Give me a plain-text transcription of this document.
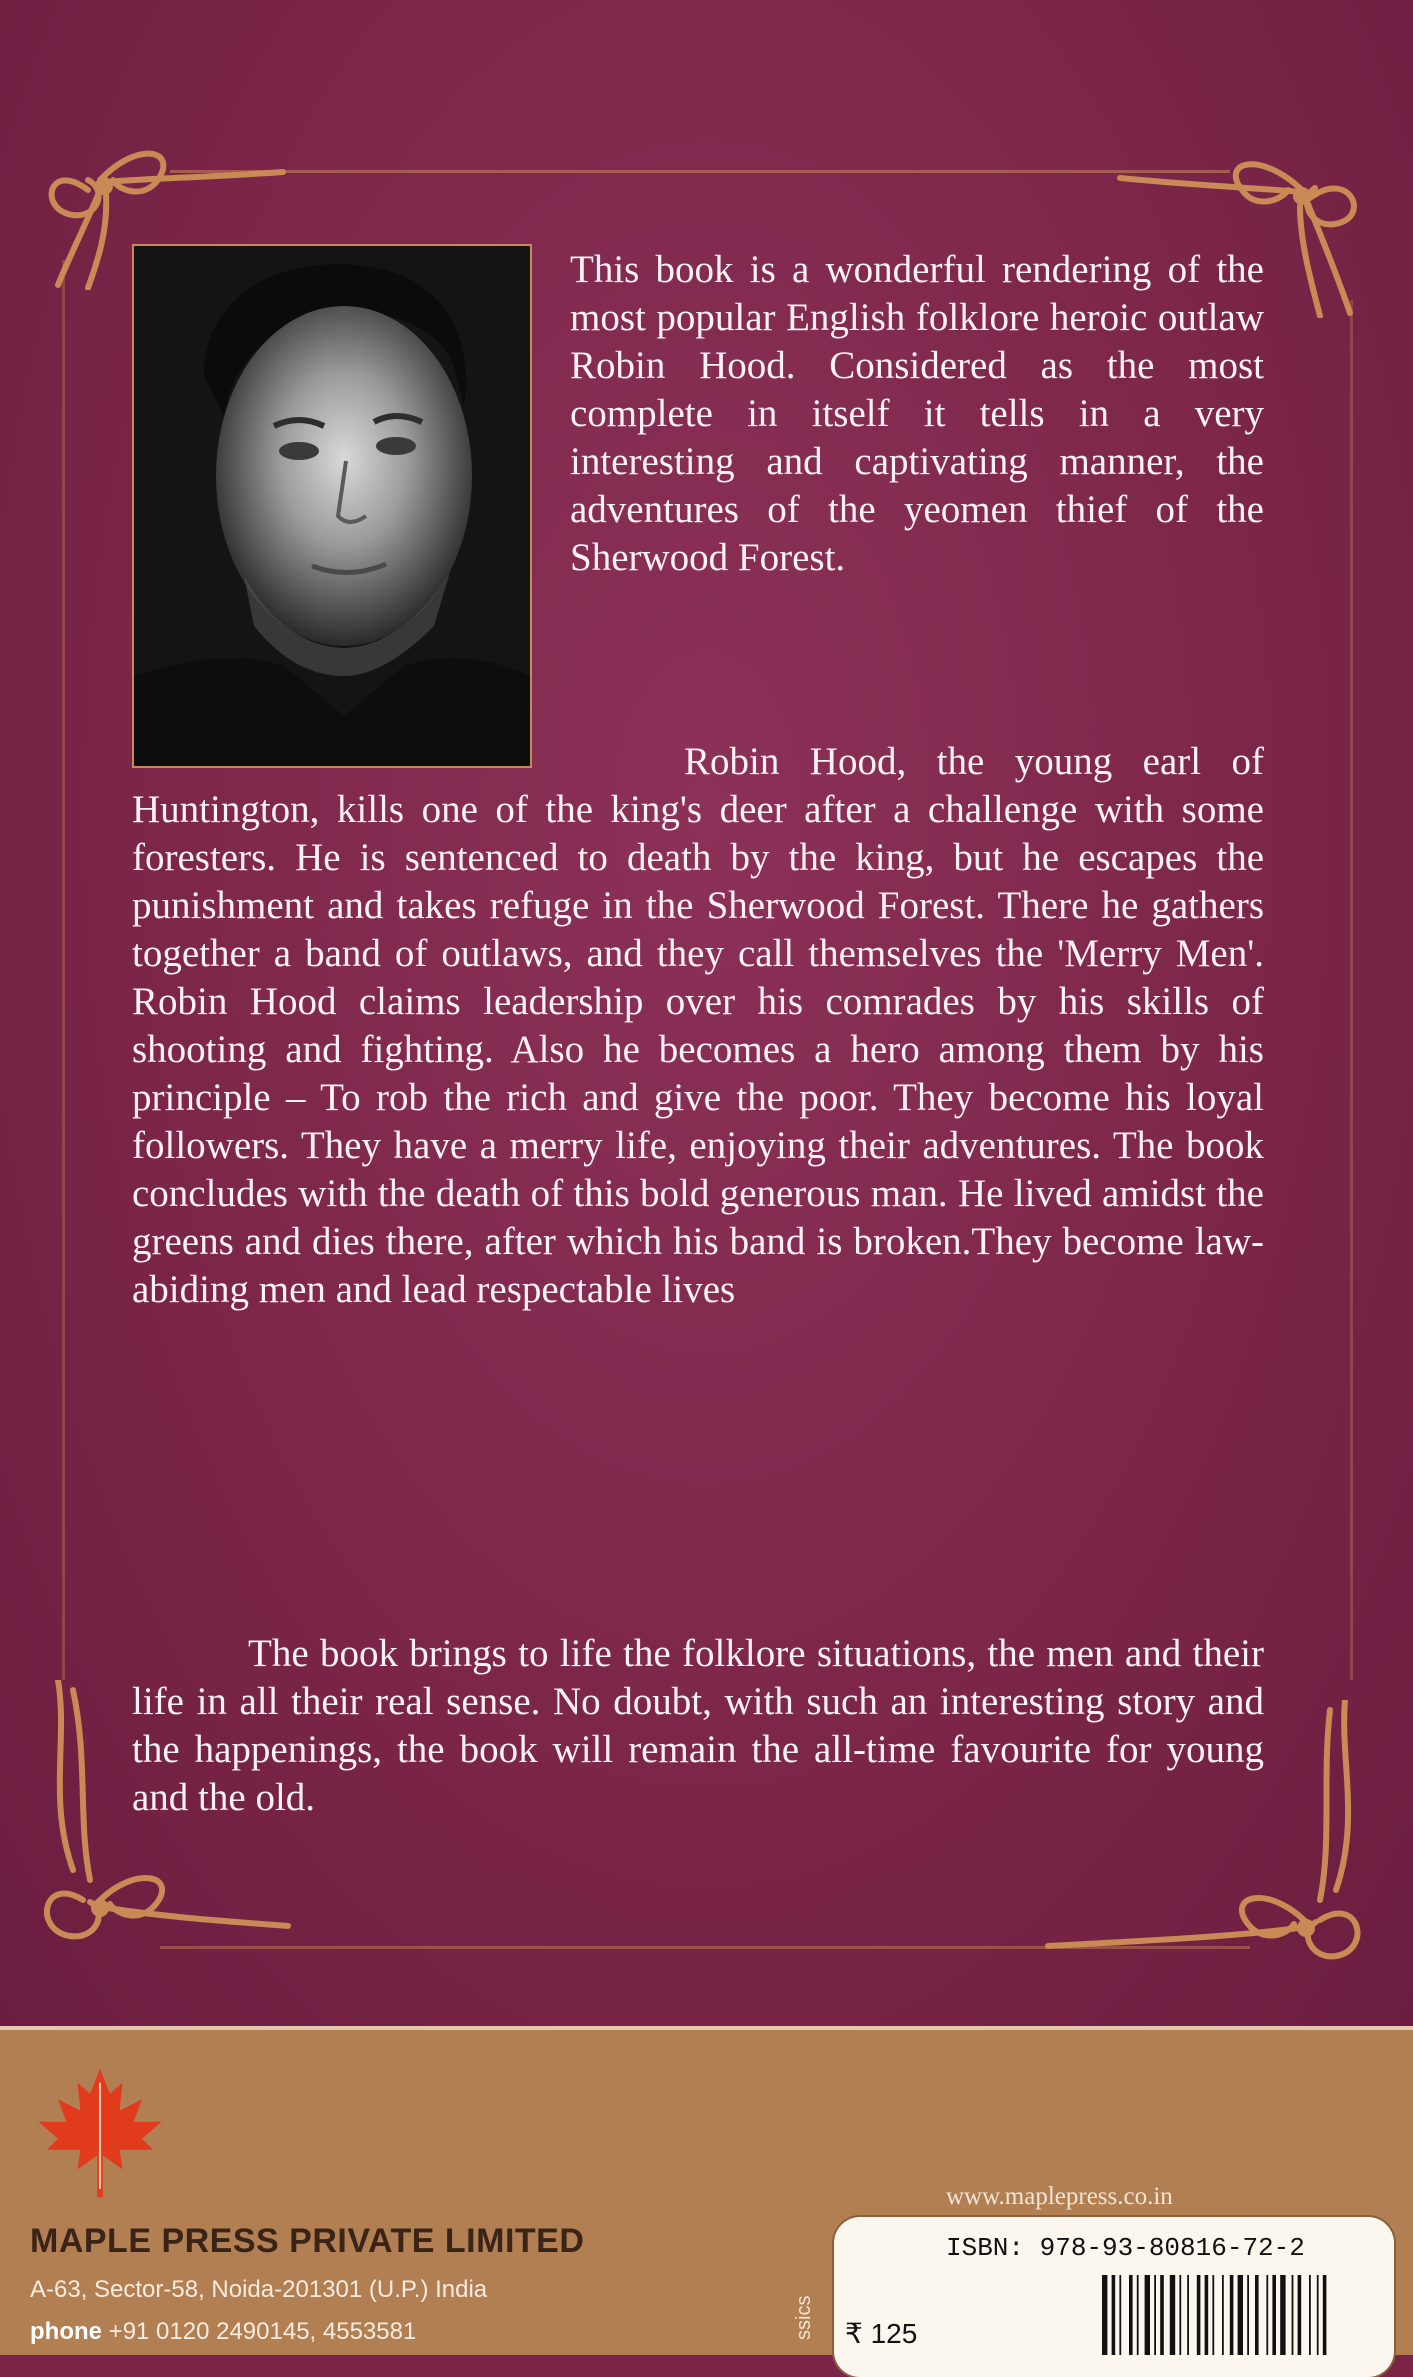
This book is a wonderful rendering of the most popular English folklore heroic outlaw Robin Hood. Considered as the most complete in itself it tells in a very interesting and captivating manner, the adventures of the yeomen thief of the Sherwood Forest.

Robin Hood, the young earl of Huntington, kills one of the king's deer after a challenge with some foresters. He is sentenced to death by the king, but he escapes the punishment and takes refuge in the Sherwood Forest. There he gathers together a band of outlaws, and they call themselves the 'Merry Men'. Robin Hood claims leadership over his comrades by his skills of shooting and fighting. Also he becomes a hero among them by his principle – To rob the rich and give the poor. They become his loyal followers. They have a merry life, enjoying their adventures. The book concludes with the death of this bold generous man. He lived amidst the greens and dies there, after which his band is broken.They become law-abiding men and lead respectable lives

The book brings to life the folklore situations, the men and their life in all their real sense. No doubt, with such an interesting story and the happenings, the book will remain the all-time favourite for young and the old.

MAPLE PRESS PRIVATE LIMITED
A-63, Sector-58, Noida-201301 (U.P.) India
phone +91 0120 2490145, 4553581
www.maplepress.co.in
ssics
ISBN: 978-93-80816-72-2
₹ 125
